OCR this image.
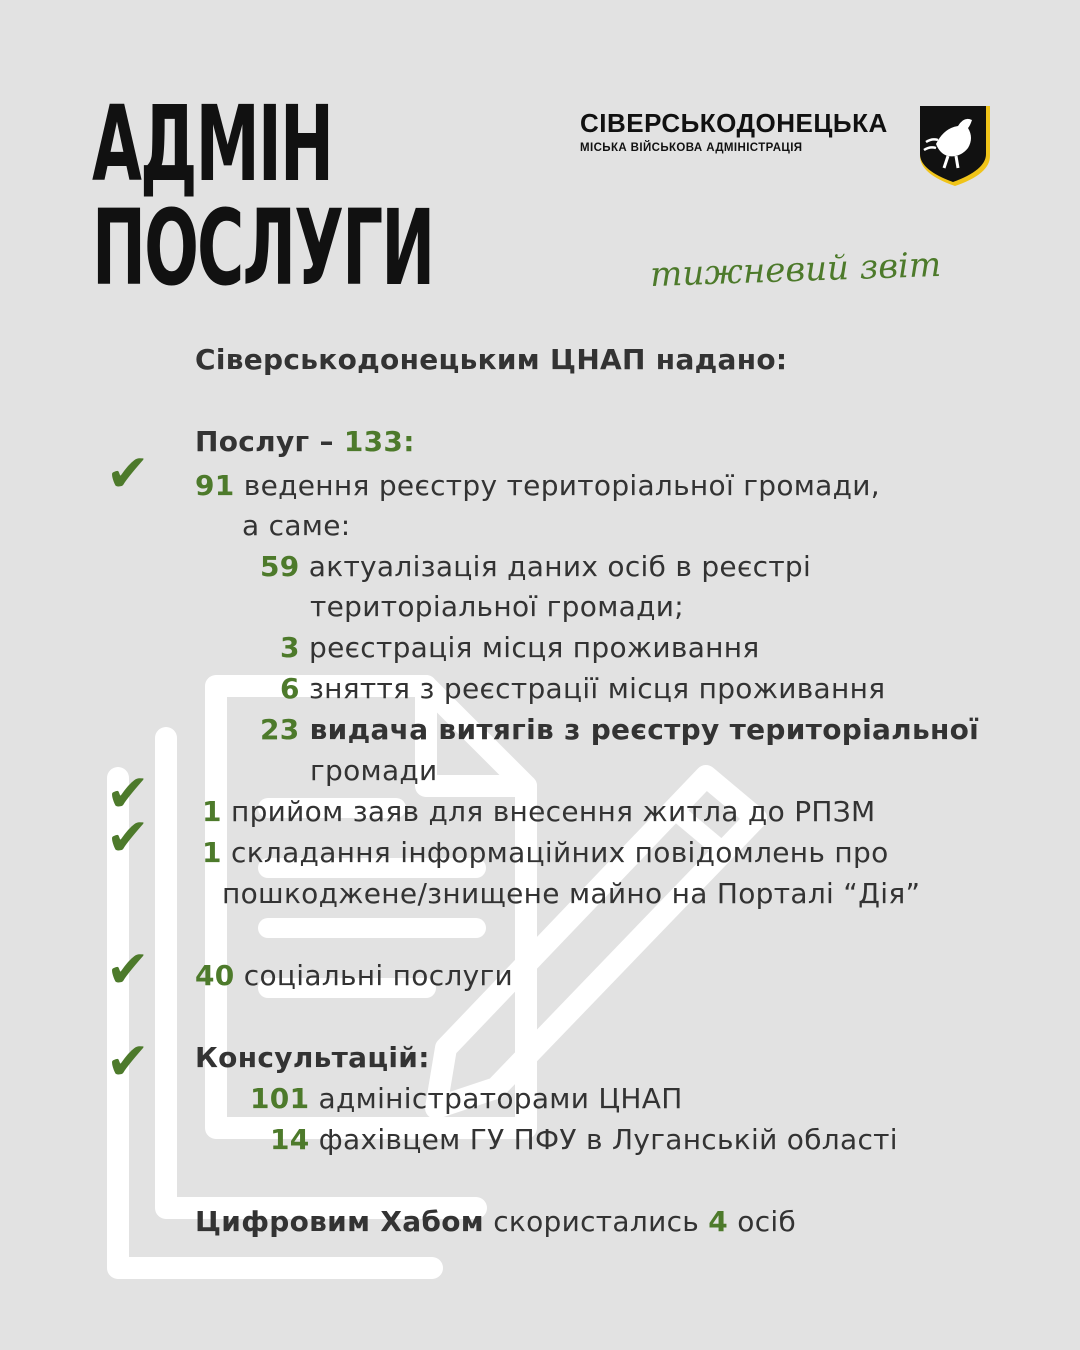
АДМІН
ПОСЛУГИ
СІВЕРСЬКОДОНЕЦЬКА
МІСЬКА ВІЙСЬКОВА АДМІНІСТРАЦІЯ
тижневий звіт
✔
✔
✔
✔
✔
Сіверськодонецьким ЦНАП надано:
Послуг – 133:
91 ведення реєстру територіальної громади,
а саме:
59 актуалізація даних осіб в реєстрі
територіальної громади;
3 реєстрація місця проживання
6 зняття з реєстрації місця проживання
23 видача витягів з реєстру територіальної
громади
1 прийом заяв для внесення житла до РПЗМ
1 складання інформаційних повідомлень про
пошкоджене/знищене майно на Порталі “Дія”
40 соціальні послуги
Консультацій:
101 адміністраторами ЦНАП
14 фахівцем ГУ ПФУ в Луганській області
Цифровим Хабом скористались 4 осіб
